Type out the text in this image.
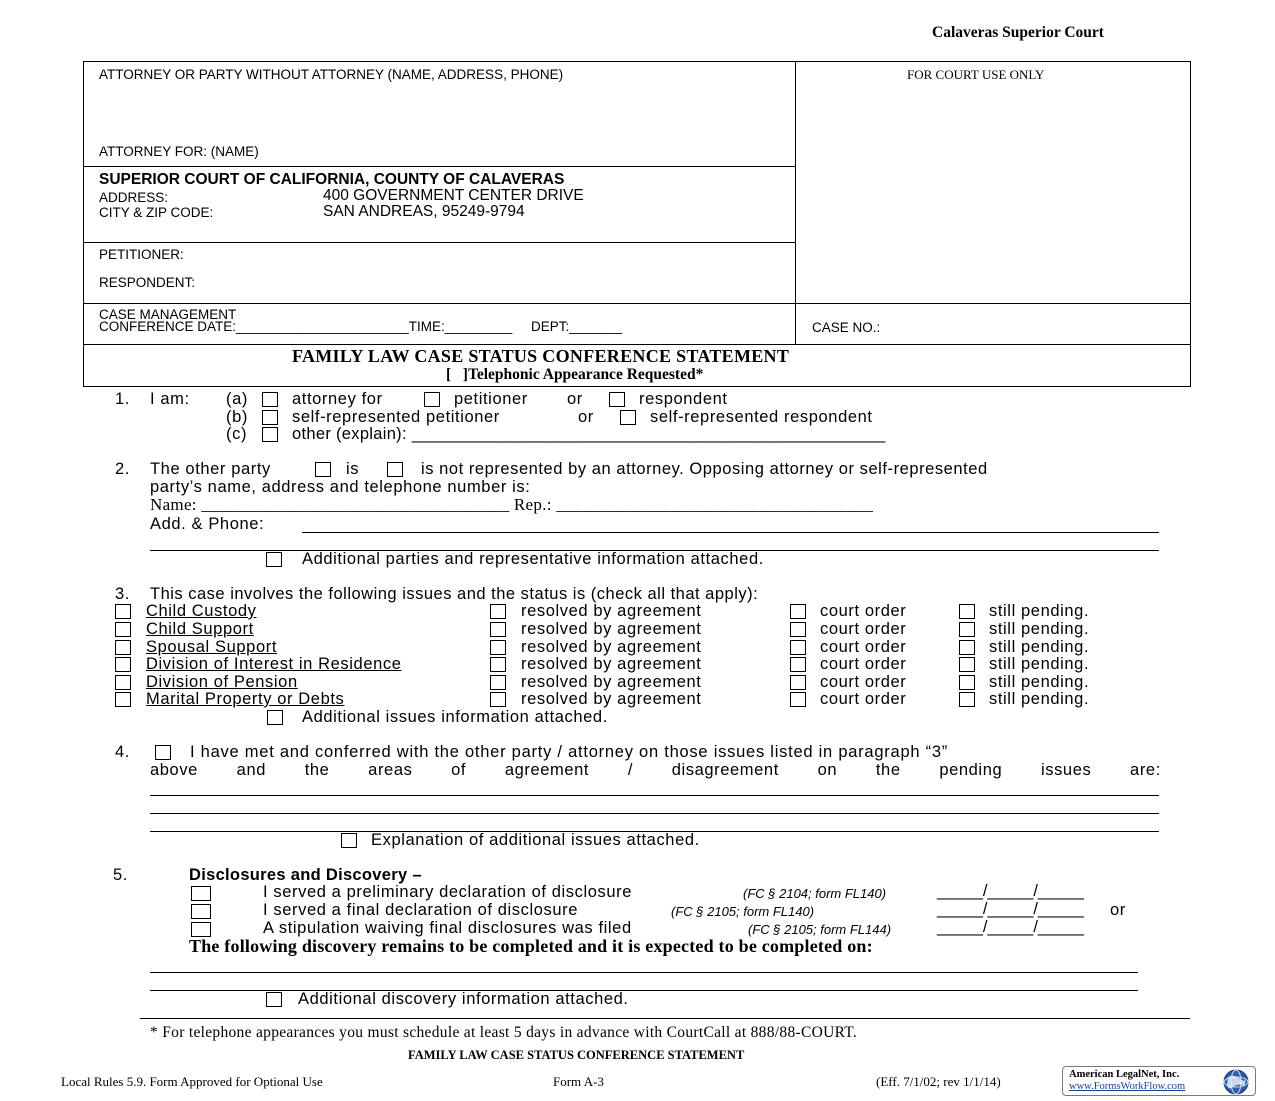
Calaveras Superior Court
ATTORNEY OR PARTY WITHOUT ATTORNEY (NAME, ADDRESS, PHONE)
ATTORNEY FOR: (NAME)
FOR COURT USE ONLY
SUPERIOR COURT OF CALIFORNIA, COUNTY OF CALAVERAS
ADDRESS:	400 GOVERNMENT CENTER DRIVE
CITY & ZIP CODE:	SAN ANDREAS, 95249-9794
PETITIONER:
RESPONDENT:
CASE MANAGEMENT
CONFERENCE DATE:_______________________TIME:_________     DEPT:_______	CASE NO.:
FAMILY LAW CASE STATUS CONFERENCE STATEMENT
[   ]Telephonic Appearance Requested*
1. I am: (a)	attorney for	petitioner or	respondent
(b)	self-represented petitioner	or	self-represented respondent
(c)	other (explain): __________________________________________________
2. The other party	is	is not represented by an attorney. Opposing attorney or self-represented
party’s name, address and telephone number is:
Name: ___________________________________ Rep.: ____________________________________
Add. & Phone:
Additional parties and representative information attached.
3. This case involves the following issues and the status is (check all that apply):
Child Custody	resolved by agreement	court order	still pending.
Child Support	resolved by agreement	court order	still pending.
Spousal Support	resolved by agreement	court order	still pending.
Division of Interest in Residence	resolved by agreement	court order	still pending.
Division of Pension	resolved by agreement	court order	still pending.
Marital Property or Debts	resolved by agreement	court order	still pending.
Additional issues information attached.
4.	I have met and conferred with the other party / attorney on those issues listed in paragraph “3”
above and the areas of agreement / disagreement on the pending issues are:
Explanation of additional issues attached.
5.	Disclosures and Discovery –
I served a preliminary declaration of disclosure	(FC § 2104; form FL140)	_____/_____/_____
I served a final declaration of disclosure	(FC § 2105; form FL140)	_____/_____/_____ or
A stipulation waiving final disclosures was filed	(FC § 2105; form FL144)	_____/_____/_____
The following discovery remains to be completed and it is expected to be completed on:
Additional discovery information attached.
* For telephone appearances you must schedule at least 5 days in advance with CourtCall at 888/88-COURT.
FAMILY LAW CASE STATUS CONFERENCE STATEMENT
Local Rules 5.9. Form Approved for Optional Use	Form A-3	(Eff. 7/1/02; rev 1/1/14)	American LegalNet, Inc.
www.FormsWorkFlow.com
